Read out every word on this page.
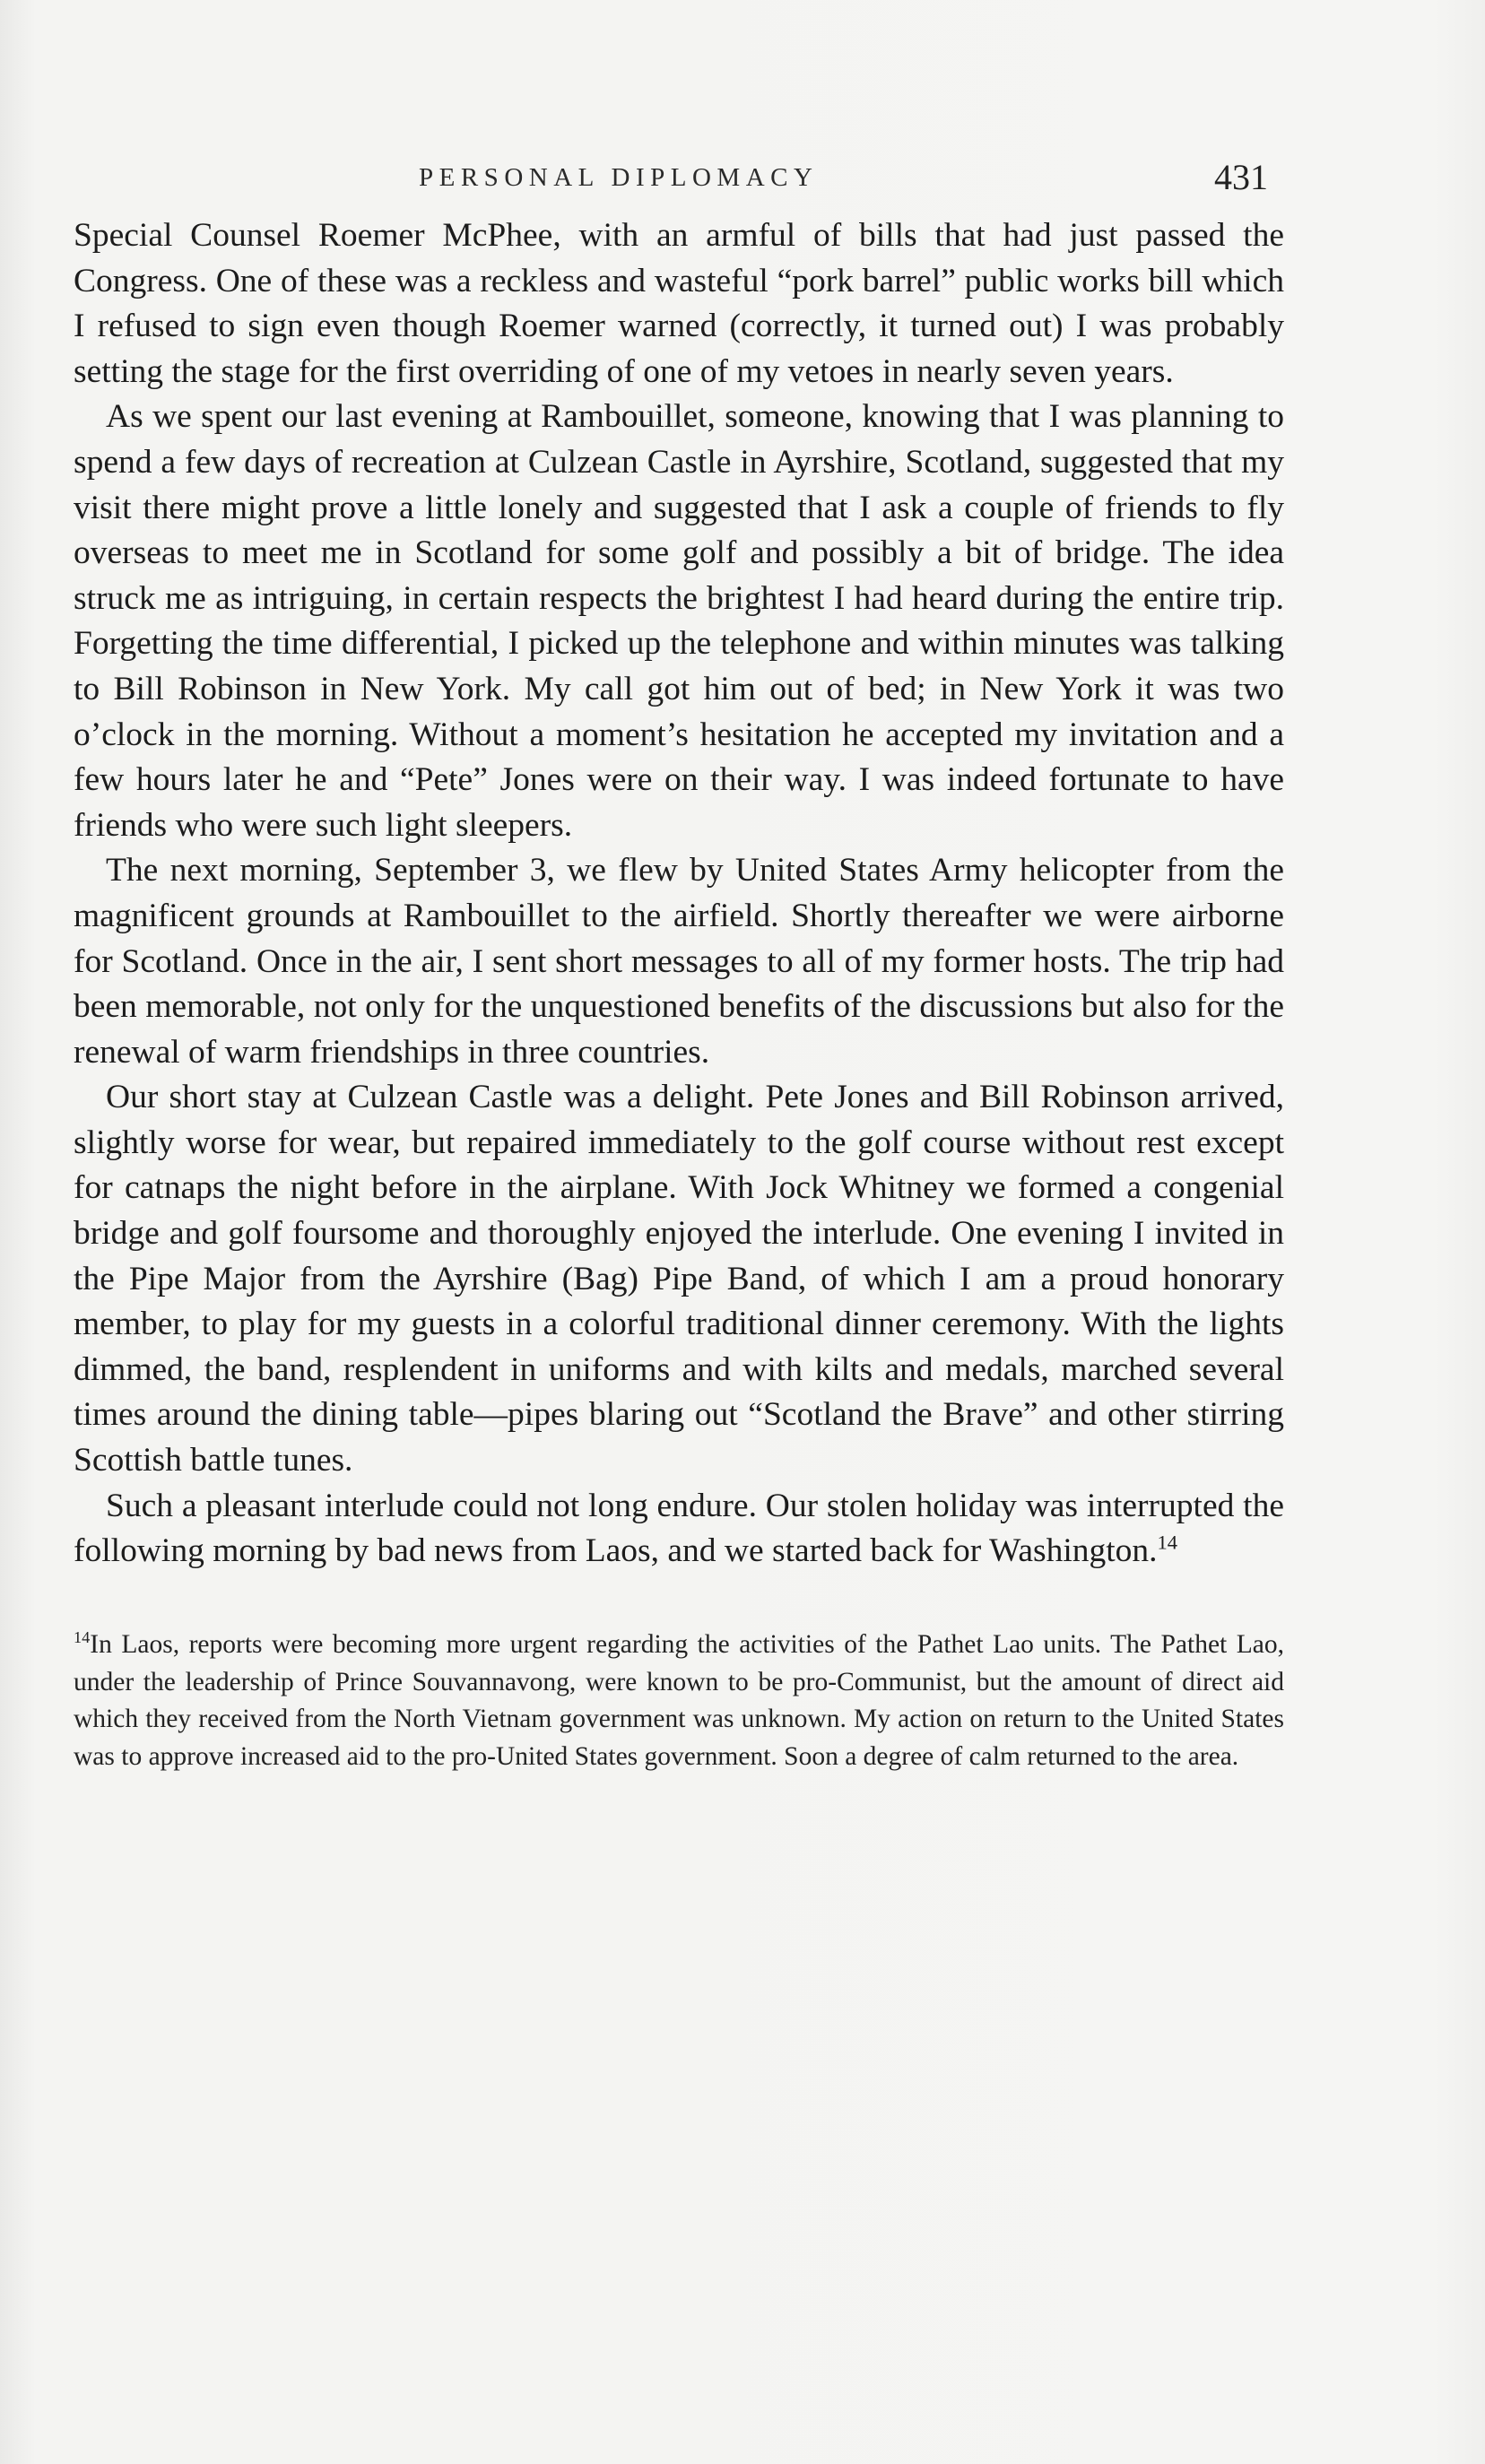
PERSONAL DIPLOMACY	431

Special Counsel Roemer McPhee, with an armful of bills that had just passed the Congress. One of these was a reckless and wasteful “pork barrel” public works bill which I refused to sign even though Roemer warned (correctly, it turned out) I was probably setting the stage for the first overriding of one of my vetoes in nearly seven years.

As we spent our last evening at Rambouillet, someone, knowing that I was planning to spend a few days of recreation at Culzean Castle in Ayrshire, Scotland, suggested that my visit there might prove a little lonely and suggested that I ask a couple of friends to fly overseas to meet me in Scotland for some golf and possibly a bit of bridge. The idea struck me as intriguing, in certain respects the brightest I had heard during the entire trip. Forgetting the time differential, I picked up the telephone and within minutes was talking to Bill Robinson in New York. My call got him out of bed; in New York it was two o’clock in the morning. Without a moment’s hesitation he accepted my invitation and a few hours later he and “Pete” Jones were on their way. I was indeed fortunate to have friends who were such light sleepers.

The next morning, September 3, we flew by United States Army helicopter from the magnificent grounds at Rambouillet to the airfield. Shortly thereafter we were airborne for Scotland. Once in the air, I sent short messages to all of my former hosts. The trip had been memorable, not only for the unquestioned benefits of the discussions but also for the renewal of warm friendships in three countries.

Our short stay at Culzean Castle was a delight. Pete Jones and Bill Robinson arrived, slightly worse for wear, but repaired immediately to the golf course without rest except for catnaps the night before in the airplane. With Jock Whitney we formed a congenial bridge and golf foursome and thoroughly enjoyed the interlude. One evening I invited in the Pipe Major from the Ayrshire (Bag) Pipe Band, of which I am a proud honorary member, to play for my guests in a colorful traditional dinner ceremony. With the lights dimmed, the band, resplendent in uniforms and with kilts and medals, marched several times around the dining table—pipes blaring out “Scotland the Brave” and other stirring Scottish battle tunes.

Such a pleasant interlude could not long endure. Our stolen holiday was interrupted the following morning by bad news from Laos, and we started back for Washington.$^{14}$

$^{14}$In Laos, reports were becoming more urgent regarding the activities of the Pathet Lao units. The Pathet Lao, under the leadership of Prince Souvannavong, were known to be pro-Communist, but the amount of direct aid which they received from the North Vietnam government was unknown. My action on return to the United States was to approve increased aid to the pro-United States government. Soon a degree of calm returned to the area.
